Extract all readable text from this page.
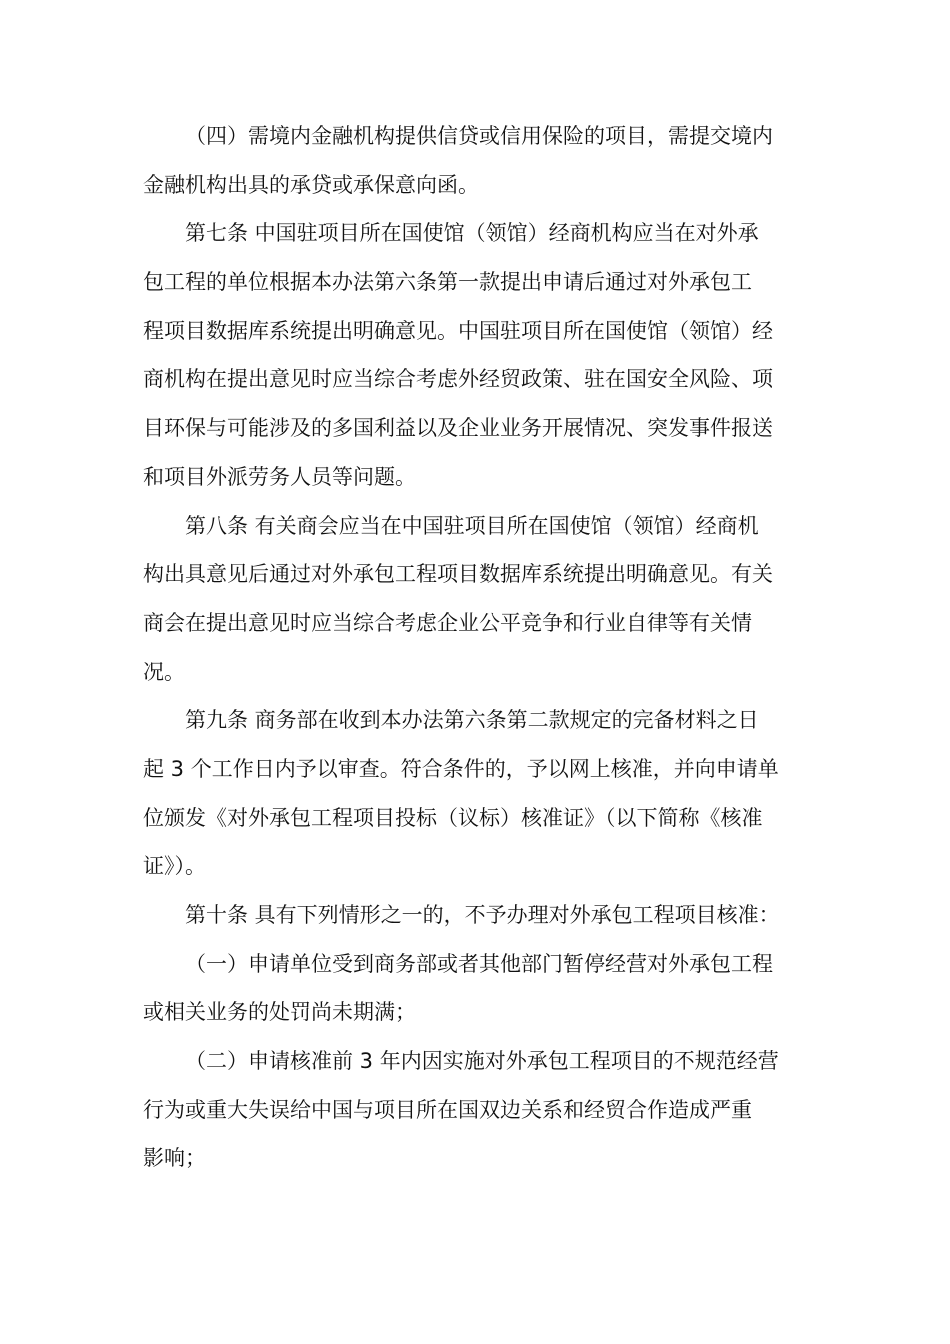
（四）需境内金融机构提供信贷或信用保险的项目，需提交境内
金融机构出具的承贷或承保意向函。
第七条 中国驻项目所在国使馆（领馆）经商机构应当在对外承
包工程的单位根据本办法第六条第一款提出申请后通过对外承包工
程项目数据库系统提出明确意见。中国驻项目所在国使馆（领馆）经
商机构在提出意见时应当综合考虑外经贸政策、驻在国安全风险、项
目环保与可能涉及的多国利益以及企业业务开展情况、突发事件报送
和项目外派劳务人员等问题。
第八条 有关商会应当在中国驻项目所在国使馆（领馆）经商机
构出具意见后通过对外承包工程项目数据库系统提出明确意见。有关
商会在提出意见时应当综合考虑企业公平竞争和行业自律等有关情
况。
第九条 商务部在收到本办法第六条第二款规定的完备材料之日
起 3 个工作日内予以审查。符合条件的，予以网上核准，并向申请单
位颁发《对外承包工程项目投标（议标）核准证》（以下简称《核准
证》）。
第十条 具有下列情形之一的，不予办理对外承包工程项目核准：
（一）申请单位受到商务部或者其他部门暂停经营对外承包工程
或相关业务的处罚尚未期满；
（二）申请核准前 3 年内因实施对外承包工程项目的不规范经营
行为或重大失误给中国与项目所在国双边关系和经贸合作造成严重
影响；
